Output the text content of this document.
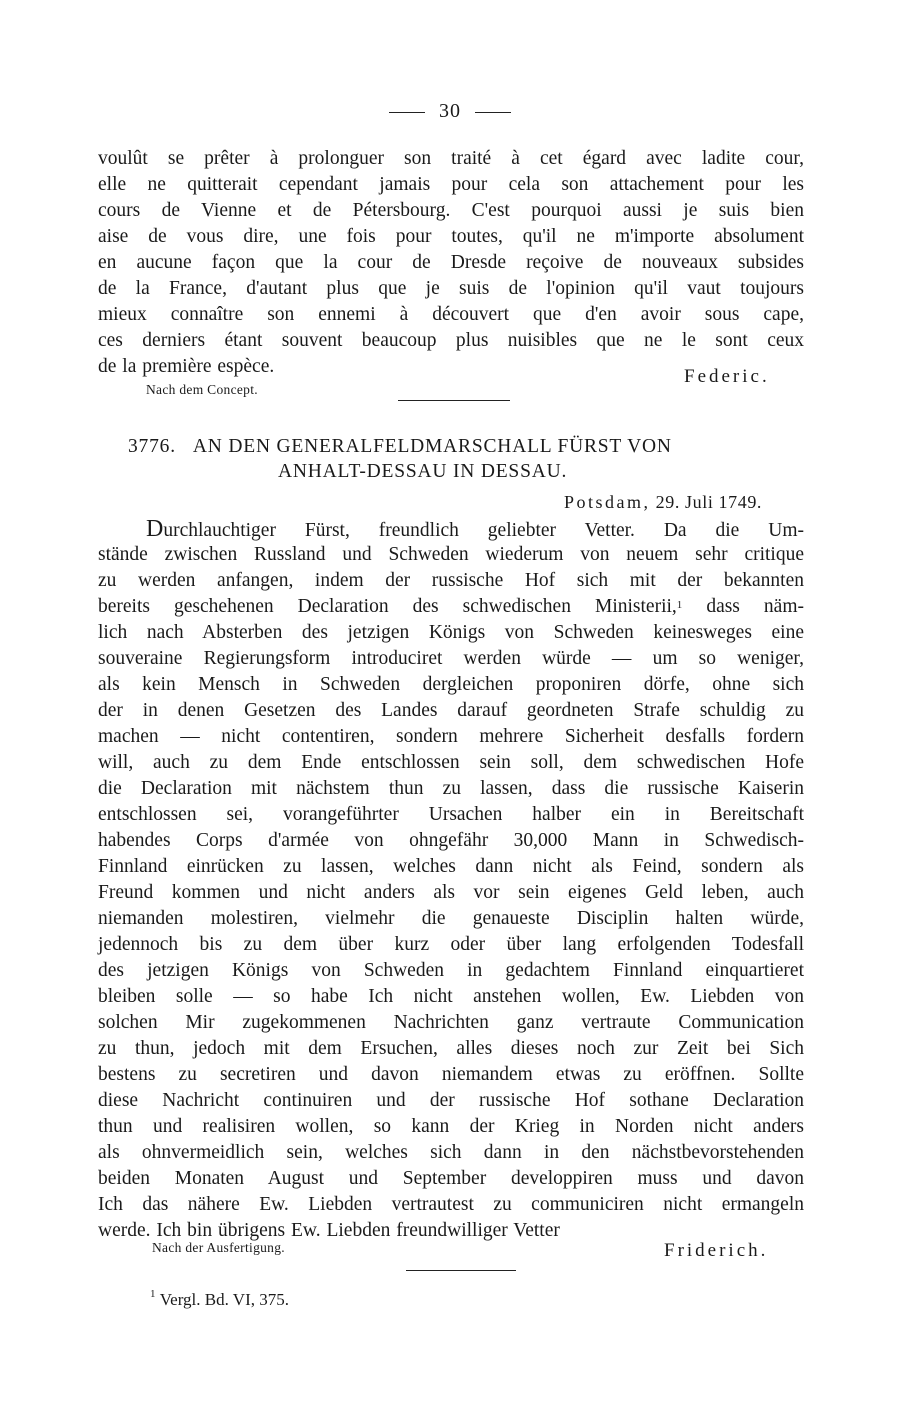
30
voulût se prêter à prolonguer son traité à cet égard avec ladite cour,
elle ne quitterait cependant jamais pour cela son attachement pour les
cours de Vienne et de Pétersbourg. C'est pourquoi aussi je suis bien
aise de vous dire, une fois pour toutes, qu'il ne m'importe absolument
en aucune façon que la cour de Dresde reçoive de nouveaux subsides
de la France, d'autant plus que je suis de l'opinion qu'il vaut toujours
mieux connaître son ennemi à découvert que d'en avoir sous cape,
ces derniers étant souvent beaucoup plus nuisibles que ne le sont ceux
de la première espèce.	Federic.
Nach dem Concept.
3776. AN DEN GENERALFELDMARSCHALL FÜRST VON
ANHALT-DESSAU IN DESSAU.
Potsdam, 29. Juli 1749.
Durchlauchtiger Fürst, freundlich geliebter Vetter. Da die Um-
stände zwischen Russland und Schweden wiederum von neuem sehr critique
zu werden anfangen, indem der russische Hof sich mit der bekannten
bereits geschehenen Declaration des schwedischen Ministerii,$^1$ dass näm-
lich nach Absterben des jetzigen Königs von Schweden keinesweges eine
souveraine Regierungsform introduciret werden würde — um so weniger,
als kein Mensch in Schweden dergleichen proponiren dörfe, ohne sich
der in denen Gesetzen des Landes darauf geordneten Strafe schuldig zu
machen — nicht contentiren, sondern mehrere Sicherheit desfalls fordern
will, auch zu dem Ende entschlossen sein soll, dem schwedischen Hofe
die Declaration mit nächstem thun zu lassen, dass die russische Kaiserin
entschlossen sei, vorangeführter Ursachen halber ein in Bereitschaft
habendes Corps d'armée von ohngefähr 30,000 Mann in Schwedisch-
Finnland einrücken zu lassen, welches dann nicht als Feind, sondern als
Freund kommen und nicht anders als vor sein eigenes Geld leben, auch
niemanden molestiren, vielmehr die genaueste Disciplin halten würde,
jedennoch bis zu dem über kurz oder über lang erfolgenden Todesfall
des jetzigen Königs von Schweden in gedachtem Finnland einquartieret
bleiben solle — so habe Ich nicht anstehen wollen, Ew. Liebden von
solchen Mir zugekommenen Nachrichten ganz vertraute Communication
zu thun, jedoch mit dem Ersuchen, alles dieses noch zur Zeit bei Sich
bestens zu secretiren und davon niemandem etwas zu eröffnen. Sollte
diese Nachricht continuiren und der russische Hof sothane Declaration
thun und realisiren wollen, so kann der Krieg in Norden nicht anders
als ohnvermeidlich sein, welches sich dann in den nächstbevorstehenden
beiden Monaten August und September developpiren muss und davon
Ich das nähere Ew. Liebden vertrautest zu communiciren nicht ermangeln
werde. Ich bin übrigens Ew. Liebden freundwilliger Vetter
Nach der Ausfertigung.	Friderich.
$^1$ Vergl. Bd. VI, 375.
